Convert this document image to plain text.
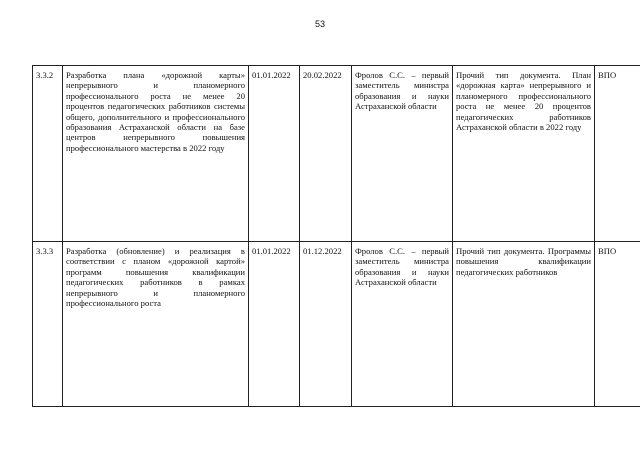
53
3.3.2	Разработка плана «дорожной карты» непрерывного и планомерного профессионального роста не менее 20 процентов педагогических работников системы общего, дополнительного и профессионального образования Астраханской области на базе центров непрерывного повышения профессионального мастерства в 2022 году	01.01.2022	20.02.2022	Фролов С.С. – первый заместитель министра образования и науки Астраханской области	Прочий тип документа. План «дорожная карта» непрерывного и планомерного профессионального роста не менее 20 процентов педагогических работников Астраханской области в 2022 году	ВПО
3.3.3	Разработка (обновление) и реализация в соответствии с планом «дорожной картой» программ повышения квалификации педагогических работников в рамках непрерывного и планомерного профессионального роста	01.01.2022	01.12.2022	Фролов С.С. – первый заместитель министра образования и науки Астраханской области	Прочий тип документа. Программы повышения квалификации педагогических работников	ВПО
